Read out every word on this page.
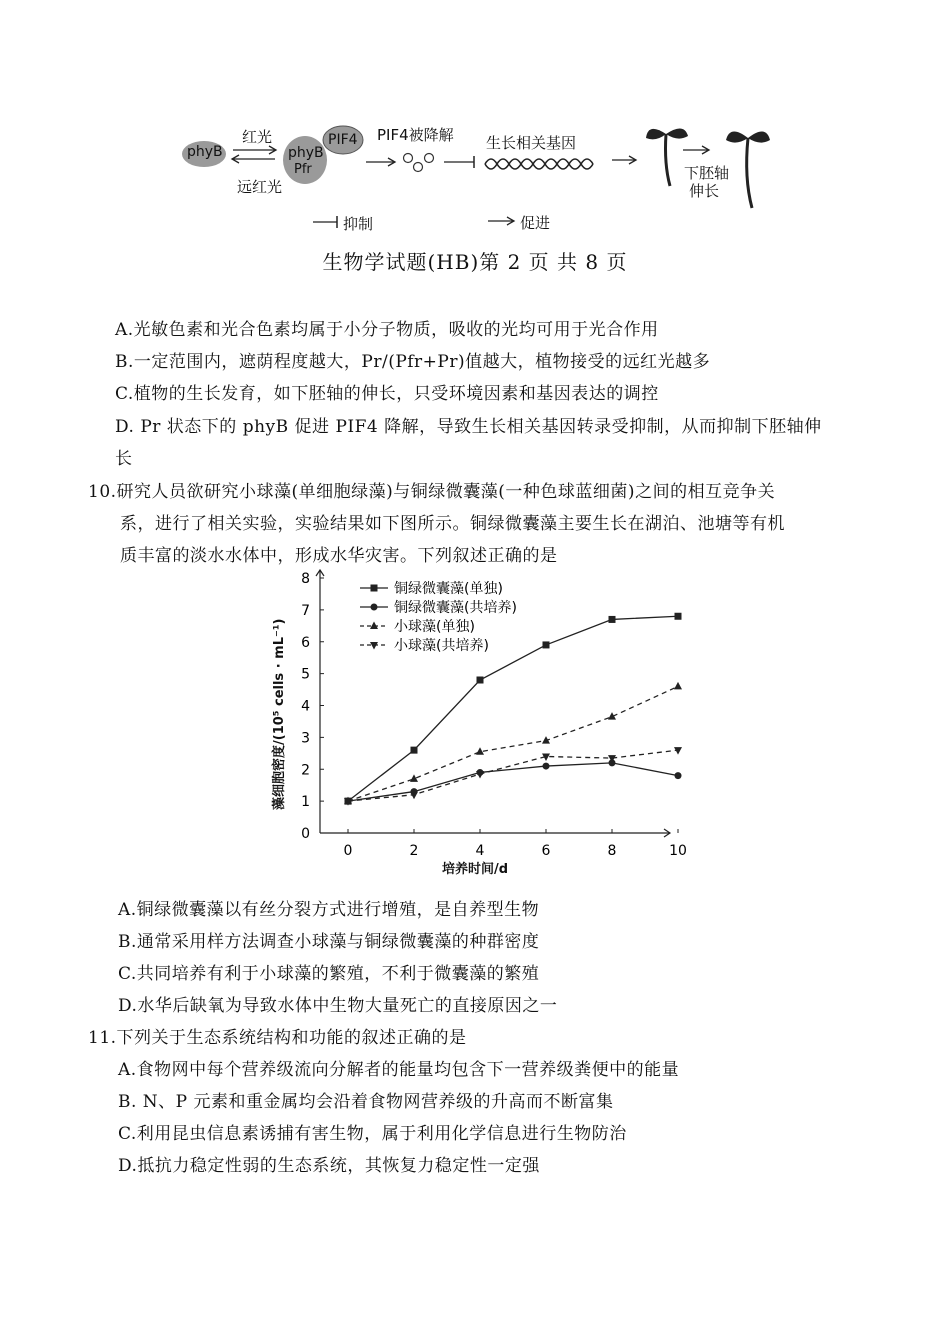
phyB
红光
远红光
phyB
Pfr
PIF4 PIF4被降解 生长相关基因
下胚轴
伸长
抑制	促进
生物学试题(HB)第 2 页 共 8 页
A.光敏色素和光合色素均属于小分子物质，吸收的光均可用于光合作用
B.一定范围内，遮荫程度越大，Pr/(Pfr+Pr)值越大，植物接受的远红光越多
C.植物的生长发育，如下胚轴的伸长，只受环境因素和基因表达的调控
D. Pr 状态下的 phyB 促进 PIF4 降解，导致生长相关基因转录受抑制，从而抑制下胚轴伸
长
10.研究人员欲研究小球藻(单细胞绿藻)与铜绿微囊藻(一种色球蓝细菌)之间的相互竞争关
系，进行了相关实验，实验结果如下图所示。铜绿微囊藻主要生长在湖泊、池塘等有机
质丰富的淡水水体中，形成水华灾害。下列叙述正确的是
0
1
2
3
4
5
6
7
8
0	2	4	6	8	10
铜绿微囊藻(单独)
铜绿微囊藻(共培养)
小球藻(单独)
小球藻(共培养)
藻细胞密度/(10⁵ cells · mL⁻¹)
培养时间/d
A.铜绿微囊藻以有丝分裂方式进行增殖，是自养型生物
B.通常采用样方法调查小球藻与铜绿微囊藻的种群密度
C.共同培养有利于小球藻的繁殖，不利于微囊藻的繁殖
D.水华后缺氧为导致水体中生物大量死亡的直接原因之一
11.下列关于生态系统结构和功能的叙述正确的是
A.食物网中每个营养级流向分解者的能量均包含下一营养级粪便中的能量
B. N、P 元素和重金属均会沿着食物网营养级的升高而不断富集
C.利用昆虫信息素诱捕有害生物，属于利用化学信息进行生物防治
D.抵抗力稳定性弱的生态系统，其恢复力稳定性一定强
